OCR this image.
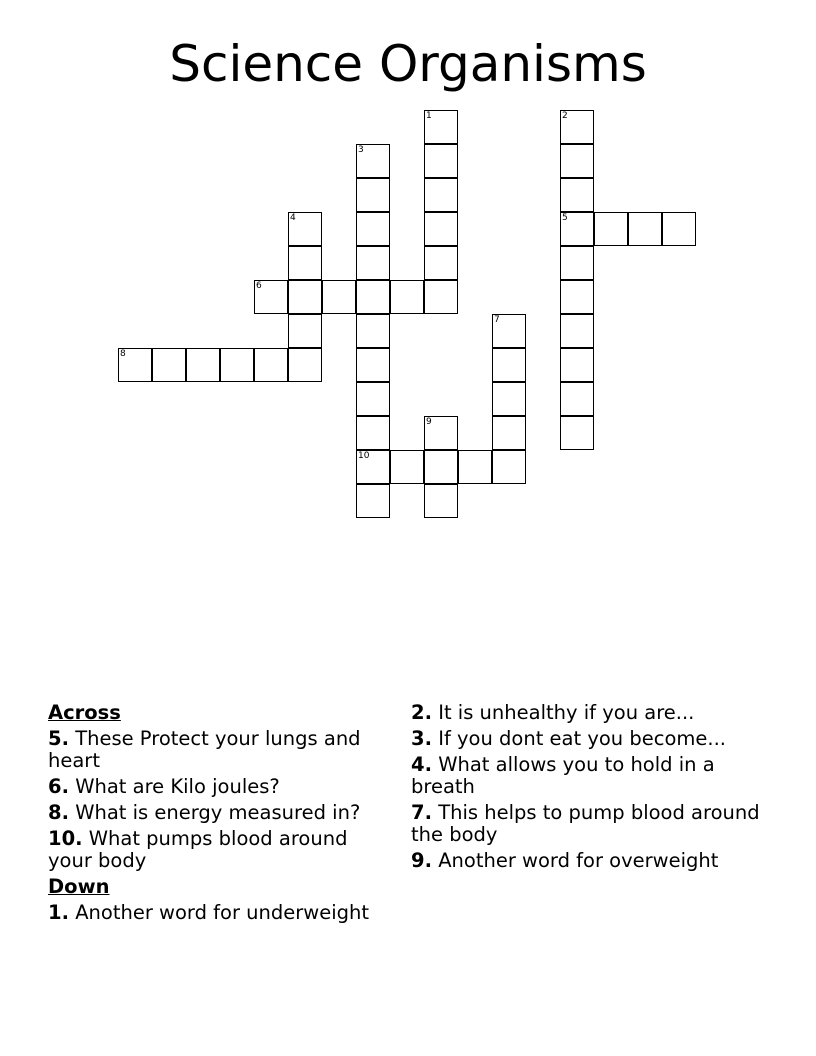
Science Organisms
1	2
5
3
10
4
6
7
8
9
Across
5. These Protect your lungs and heart
6. What are Kilo joules?
8. What is energy measured in?
10. What pumps blood around your body
Down
1. Another word for underweight
2. It is unhealthy if you are...
3. If you dont eat you become...
4. What allows you to hold in a breath
7. This helps to pump blood around the body
9. Another word for overweight
